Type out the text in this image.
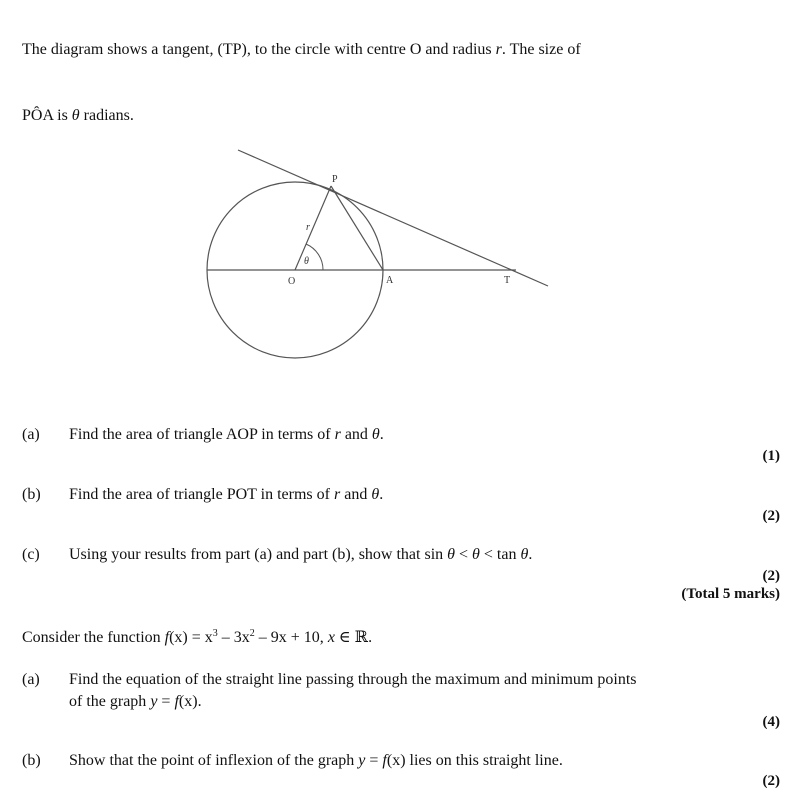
The diagram shows a tangent, (TP), to the circle with centre O and radius r. The size of
PÔA is θ radians.
P
O	A	T
r
θ
(a) Find the area of triangle AOP in terms of r and θ.
(1)
(b) Find the area of triangle POT in terms of r and θ.
(2)
(c) Using your results from part (a) and part (b), show that sin θ < θ < tan θ.
(2)
(Total 5 marks)
Consider the function $f(x) = x^3 - 3x^2 - 9x + 10$, x ∈ ℝ.
(a) Find the equation of the straight line passing through the maximum and minimum points
of the graph y = f(x).
(4)
(b) Show that the point of inflexion of the graph y = f(x) lies on this straight line.
(2)
